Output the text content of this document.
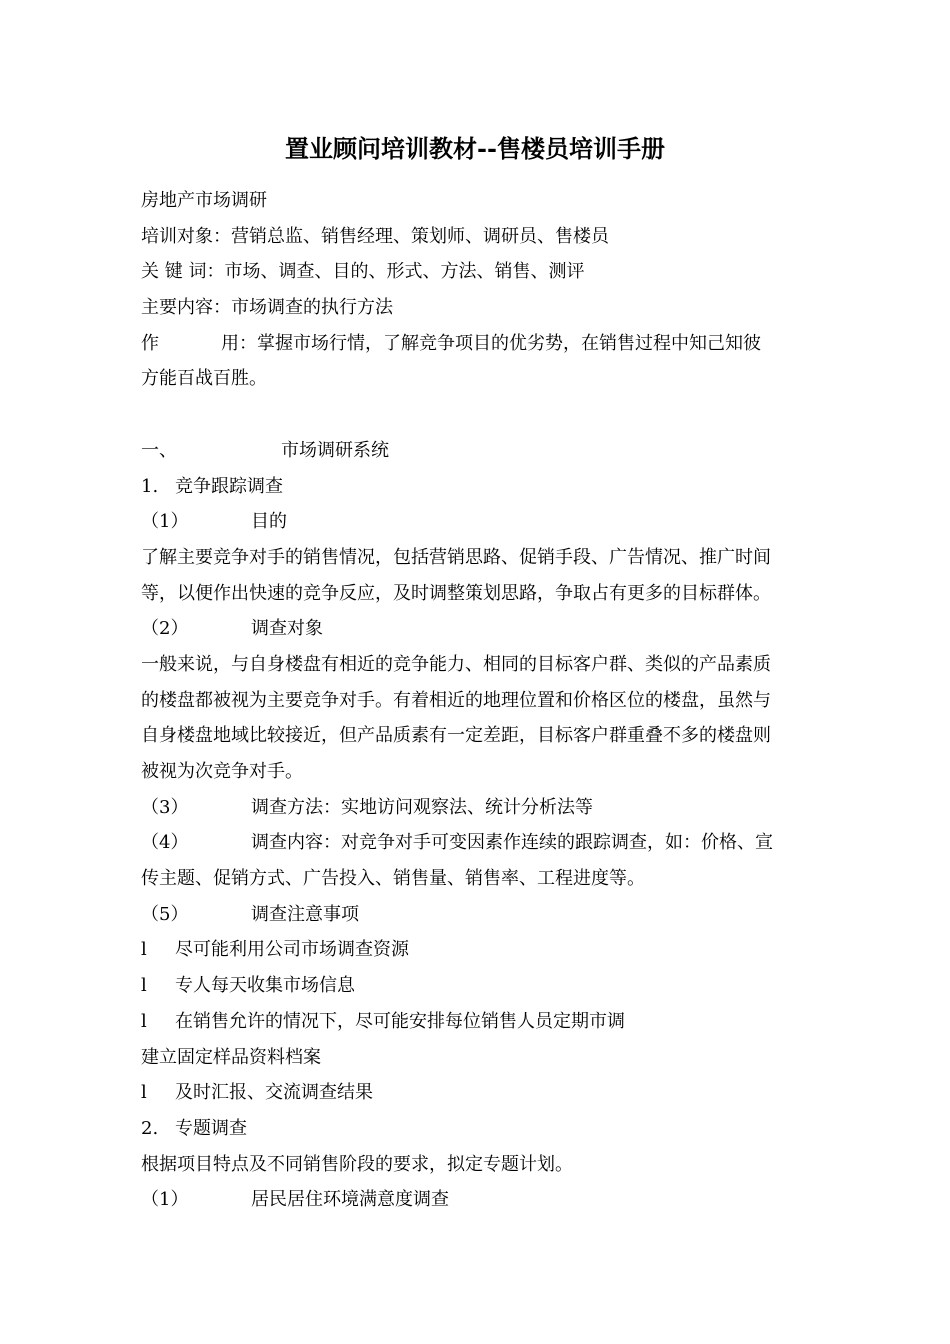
置业顾问培训教材--售楼员培训手册
房地产市场调研
培训对象：营销总监、销售经理、策划师、调研员、售楼员
关 键 词：市场、调查、目的、形式、方法、销售、测评
主要内容：市场调查的执行方法
作	用：掌握市场行情，了解竞争项目的优劣势，在销售过程中知己知彼
方能百战百胜。
一、	市场调研系统
1. 竞争跟踪调查
（1）	目的
了解主要竞争对手的销售情况，包括营销思路、促销手段、广告情况、推广时间
等，以便作出快速的竞争反应，及时调整策划思路，争取占有更多的目标群体。
（2）	调查对象
一般来说，与自身楼盘有相近的竞争能力、相同的目标客户群、类似的产品素质
的楼盘都被视为主要竞争对手。有着相近的地理位置和价格区位的楼盘，虽然与
自身楼盘地域比较接近，但产品质素有一定差距，目标客户群重叠不多的楼盘则
被视为次竞争对手。
（3）	调查方法：实地访问观察法、统计分析法等
（4）	调查内容：对竞争对手可变因素作连续的跟踪调查，如：价格、宣
传主题、促销方式、广告投入、销售量、销售率、工程进度等。
（5）	调查注意事项
l 尽可能利用公司市场调查资源
l 专人每天收集市场信息
l 在销售允许的情况下，尽可能安排每位销售人员定期市调
建立固定样品资料档案
l 及时汇报、交流调查结果
2. 专题调查
根据项目特点及不同销售阶段的要求，拟定专题计划。
（1）	居民居住环境满意度调查
